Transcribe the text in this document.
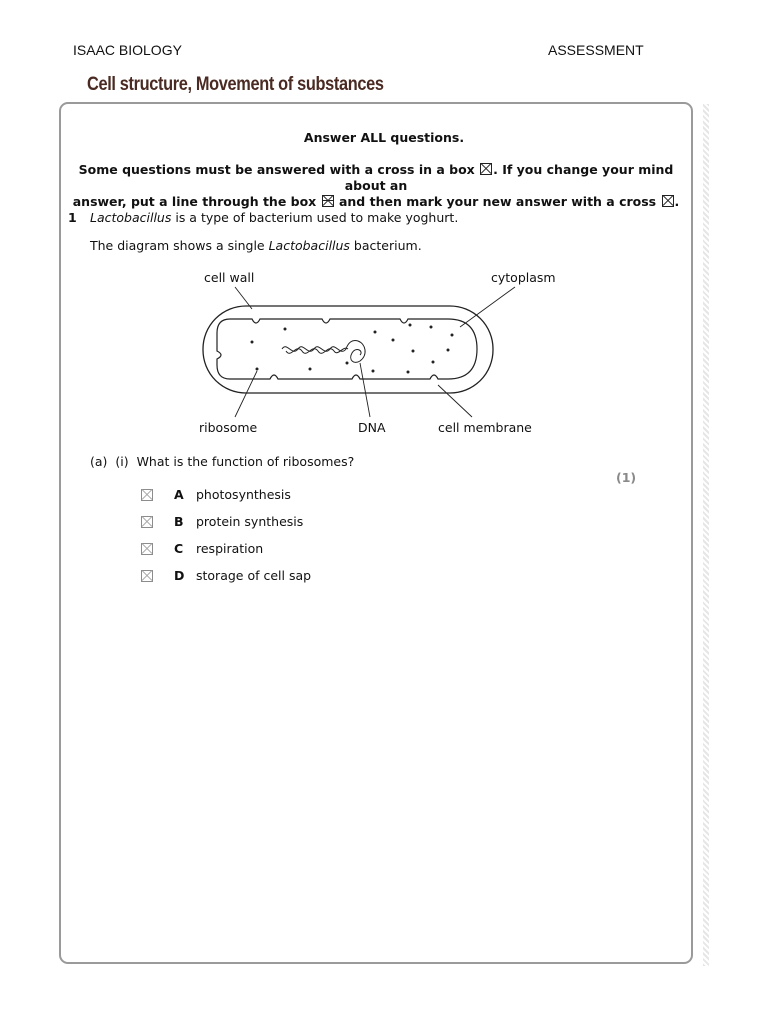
ISAAC BIOLOGY	ASSESSMENT
Cell structure, Movement of substances
Answer ALL questions.
Some questions must be answered with a cross in a box ☒. If you change your mind about an
answer, put a line through the box and then mark your new answer with a cross ☒.
1 Lactobacillus is a type of bacterium used to make yoghurt.
The diagram shows a single Lactobacillus bacterium.
cell wall	cytoplasm
ribosome	DNA	cell membrane
(a) (i) What is the function of ribosomes?
(1)
A photosynthesis
B protein synthesis
C respiration
D storage of cell sap
